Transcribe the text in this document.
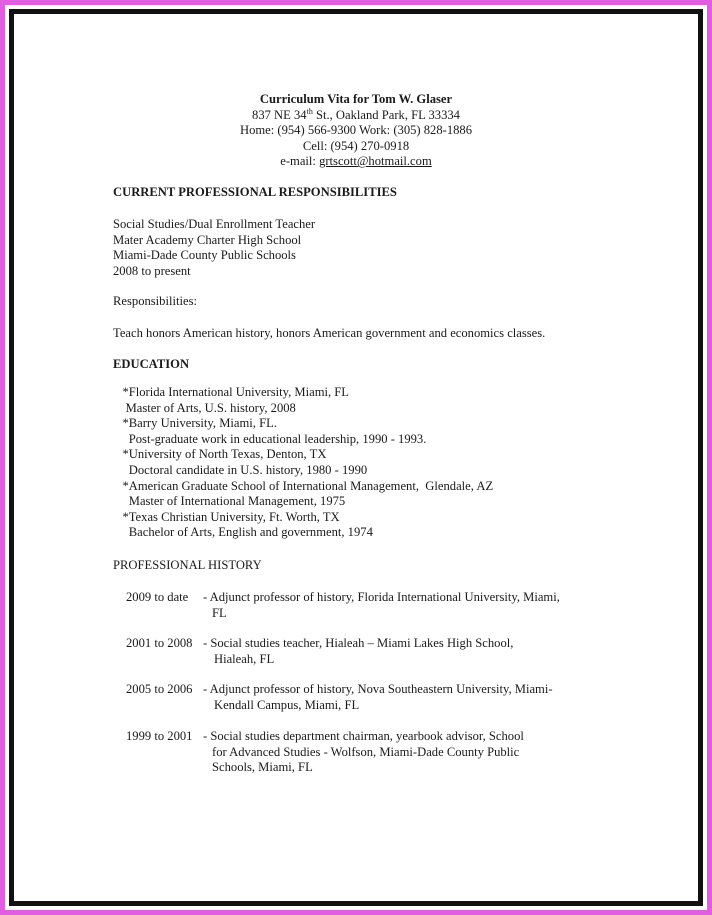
Curriculum Vita for Tom W. Glaser
837 NE 34th St., Oakland Park, FL 33334
Home: (954) 566-9300 Work: (305) 828-1886
Cell: (954) 270-0918
e-mail: grtscott@hotmail.com
CURRENT PROFESSIONAL RESPONSIBILITIES
Social Studies/Dual Enrollment Teacher
Mater Academy Charter High School
Miami-Dade County Public Schools
2008 to present
Responsibilities:
Teach honors American history, honors American government and economics classes.
EDUCATION
*Florida International University, Miami, FL
Master of Arts, U.S. history, 2008
*Barry University, Miami, FL.
Post-graduate work in educational leadership, 1990 - 1993.
*University of North Texas, Denton, TX
Doctoral candidate in U.S. history, 1980 - 1990
*American Graduate School of International Management,  Glendale, AZ
Master of International Management, 1975
*Texas Christian University, Ft. Worth, TX
Bachelor of Arts, English and government, 1974
PROFESSIONAL HISTORY
2009 to date - Adjunct professor of history, Florida International University, Miami,
FL
2001 to 2008 - Social studies teacher, Hialeah – Miami Lakes High School,
Hialeah, FL
2005 to 2006 - Adjunct professor of history, Nova Southeastern University, Miami-
Kendall Campus, Miami, FL
1999 to 2001 - Social studies department chairman, yearbook advisor, School
for Advanced Studies - Wolfson, Miami-Dade County Public
Schools, Miami, FL
